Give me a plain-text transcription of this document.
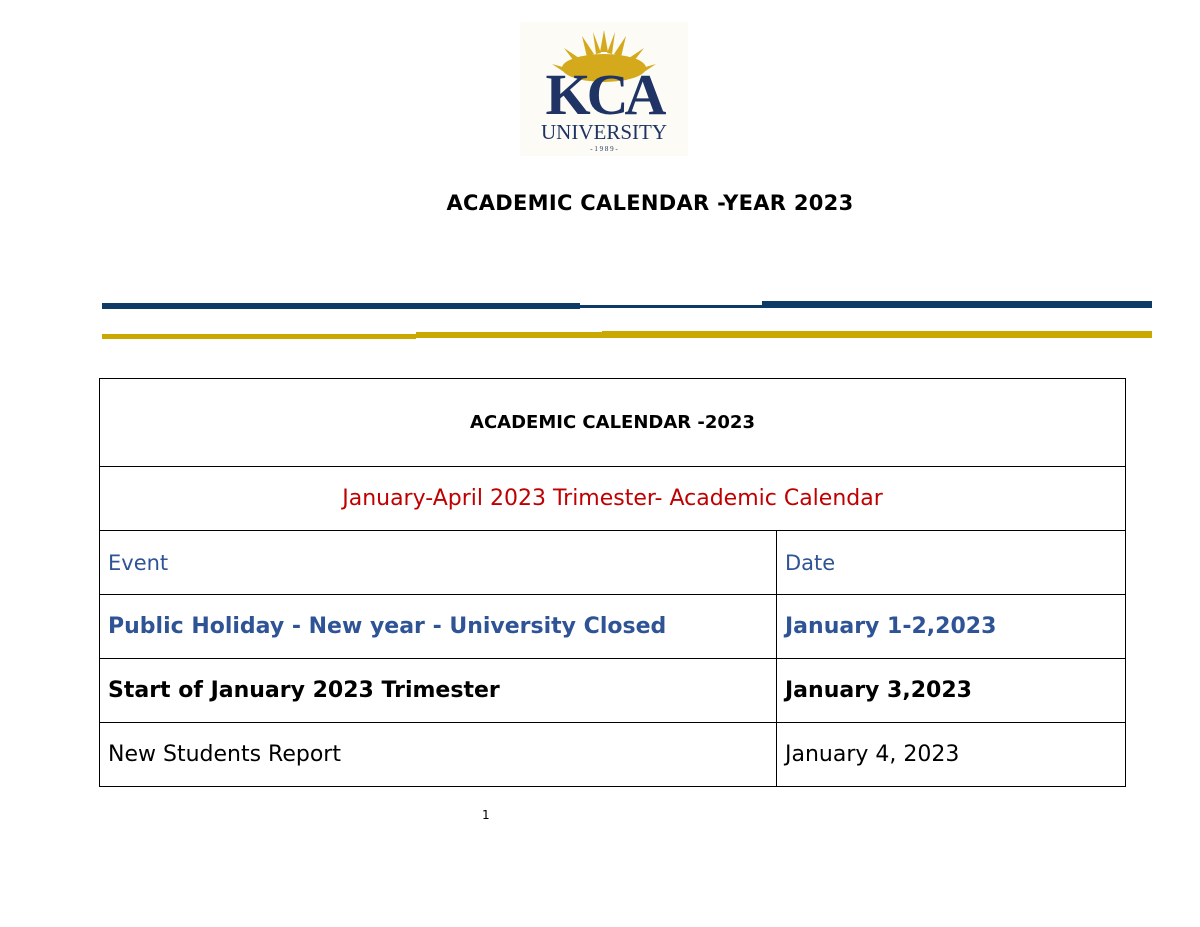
KCA
UNIVERSITY
- 1 9 8 9 -
ACADEMIC CALENDAR -YEAR 2023
ACADEMIC CALENDAR -2023	
January-April 2023 Trimester- Academic Calendar	
Event	Date
Public Holiday - New year - University Closed	January 1-2,2023
Start of January 2023 Trimester	January 3,2023
New Students Report	January 4, 2023
1
